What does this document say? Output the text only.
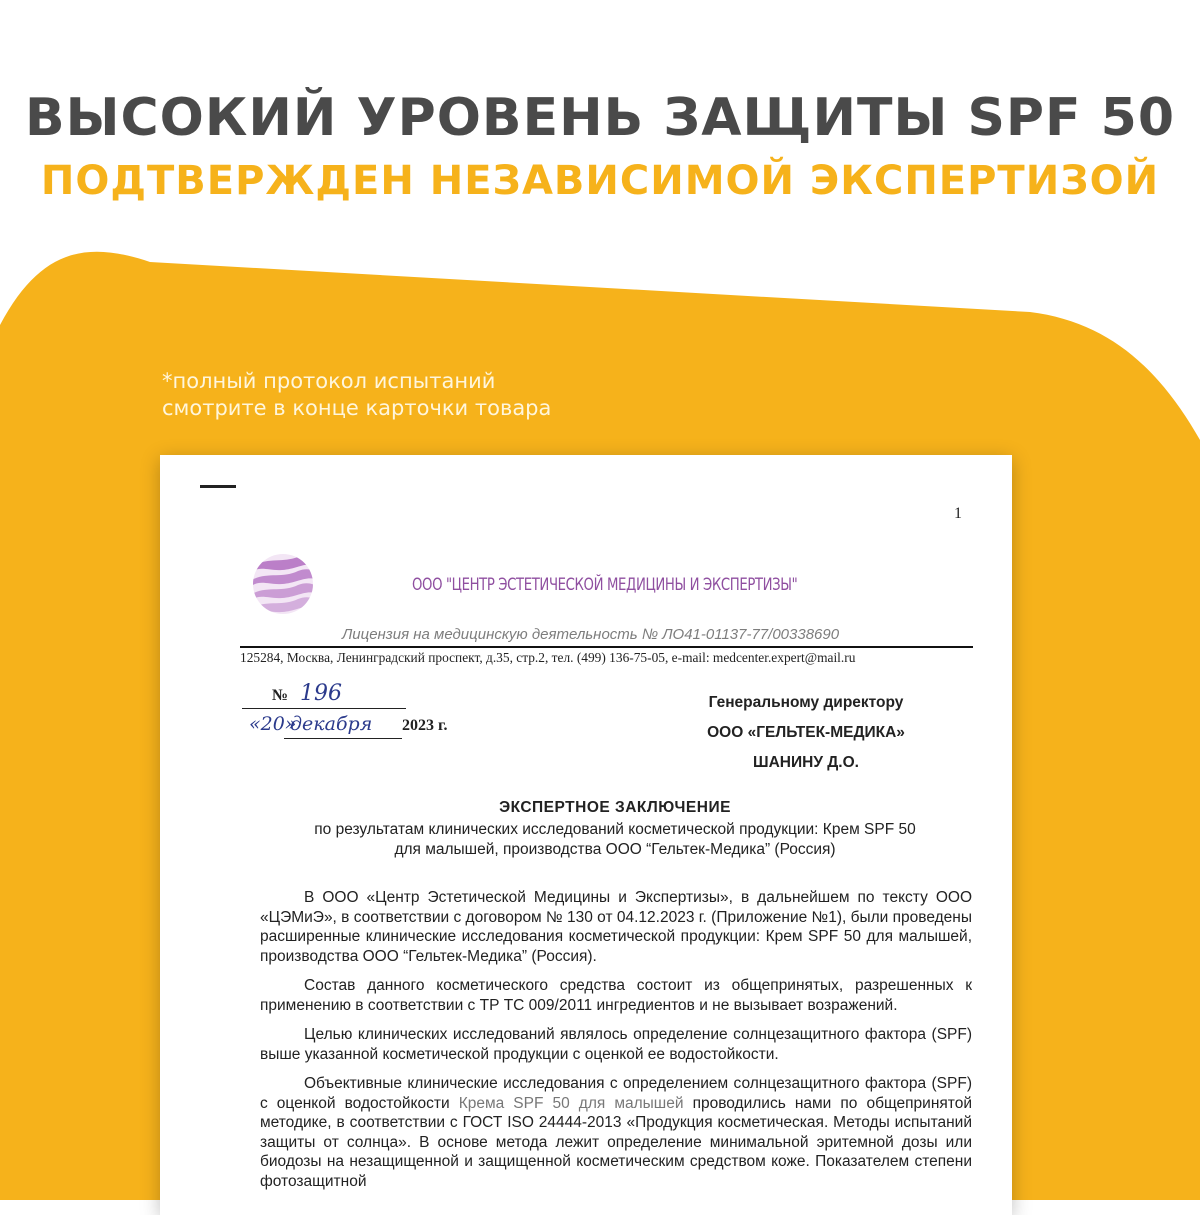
ВЫСОКИЙ УРОВЕНЬ ЗАЩИТЫ SPF 50
ПОДТВЕРЖДЕН НЕЗАВИСИМОЙ ЭКСПЕРТИЗОЙ
*полный протокол испытаний
смотрите в конце карточки товара
1
ООО "ЦЕНТР ЭСТЕТИЧЕСКОЙ МЕДИЦИНЫ И ЭКСПЕРТИЗЫ"
Лицензия на медицинскую деятельность № ЛО41-01137-77/00338690
125284, Москва, Ленинградский проспект, д.35, стр.2, тел. (499) 136-75-05, e-mail: medcenter.expert@mail.ru
№ 196
«20»
декабря	2023 г.
Генеральному директору
ООО «ГЕЛЬТЕК-МЕДИКА»
ШАНИНУ Д.О.
ЭКСПЕРТНОЕ ЗАКЛЮЧЕНИЕ
по результатам клинических исследований косметической продукции: Крем SPF 50
для малышей, производства ООО “Гельтек-Медика” (Россия)

В ООО «Центр Эстетической Медицины и Экспертизы», в дальнейшем по тексту ООО «ЦЭМиЭ», в соответствии с договором № 130 от 04.12.2023 г. (Приложение №1), были проведены расширенные клинические исследования косметической продукции: Крем SPF 50 для малышей, производства ООО “Гельтек-Медика” (Россия).

Состав данного косметического средства состоит из общепринятых, разрешенных к применению в соответствии с ТР ТС 009/2011 ингредиентов и не вызывает возражений.

Целью клинических исследований являлось определение солнцезащитного фактора (SPF) выше указанной косметической продукции с оценкой ее водостойкости.

Объективные клинические исследования с определением солнцезащитного фактора (SPF) с оценкой водостойкости Крема SPF 50 для малышей проводились нами по общепринятой методике, в соответствии с ГОСТ ISO 24444-2013 «Продукция косметическая. Методы испытаний защиты от солнца». В основе метода лежит определение минимальной эритемной дозы или биодозы на незащищенной и защищенной косметическим средством коже. Показателем степени фотозащитной
